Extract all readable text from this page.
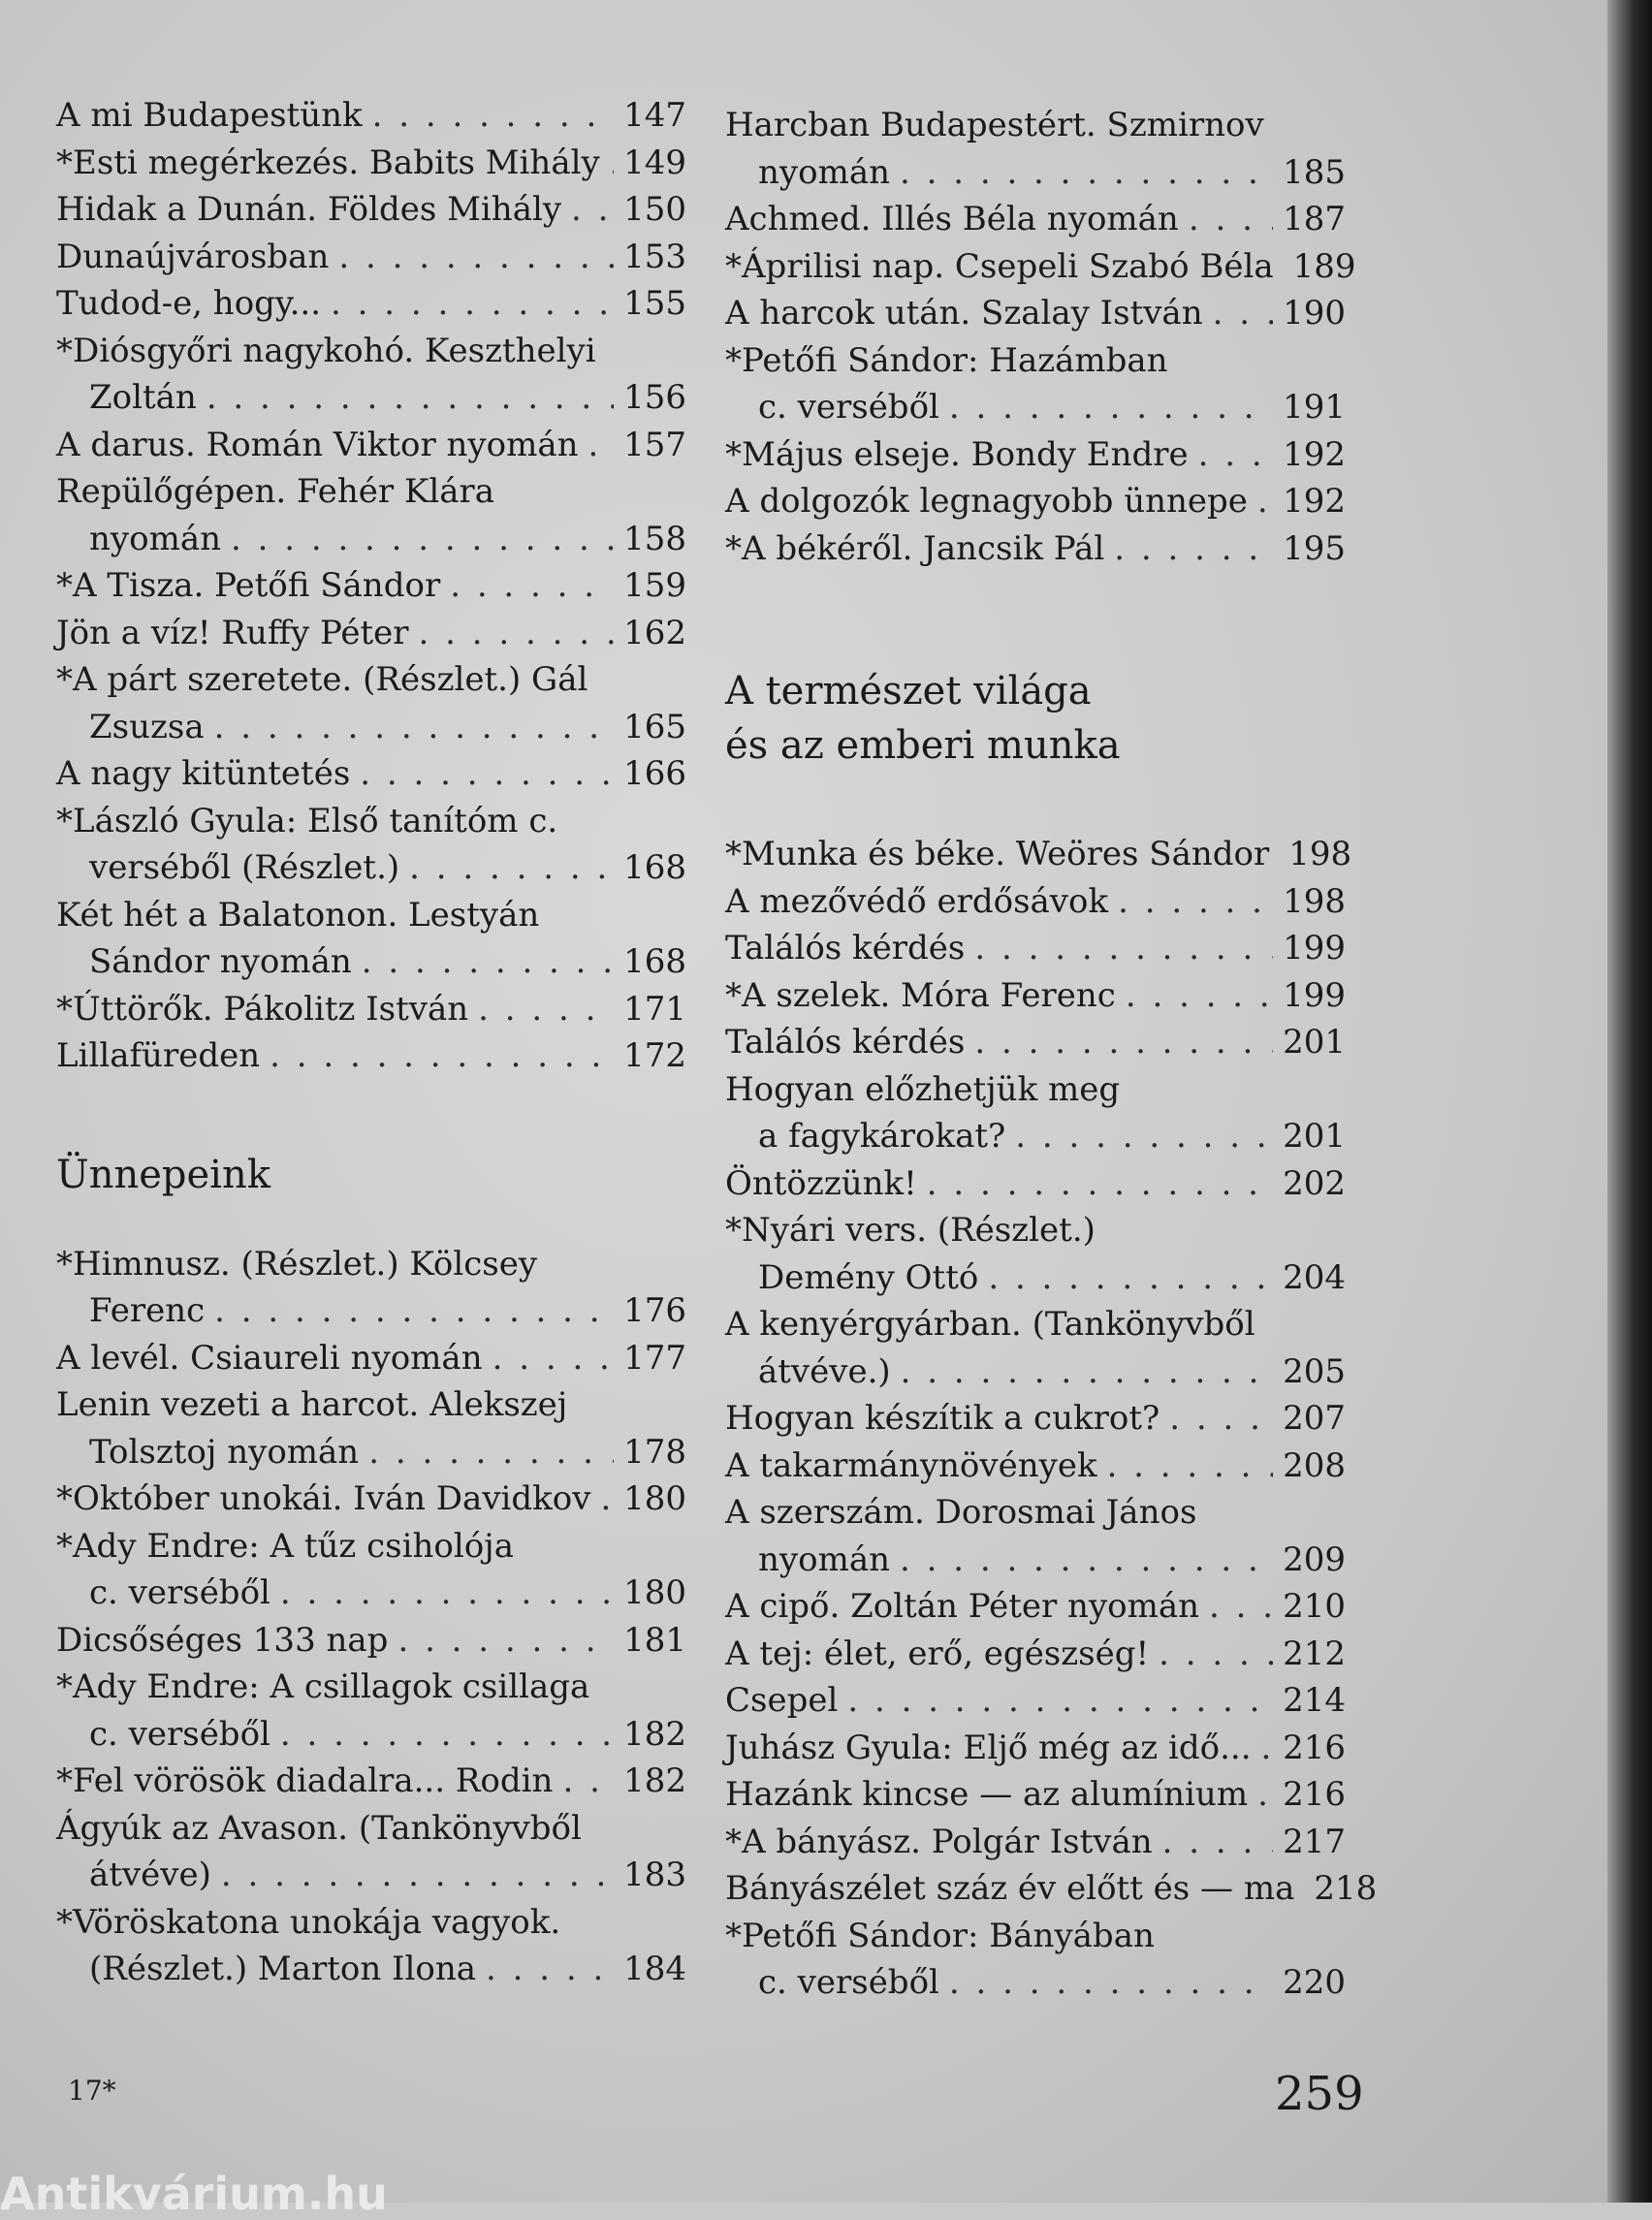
A mi Budapestünk . . .	147
*Esti megérkezés. Babits Mihály . . . 149
Hidak a Dunán. Földes Mihály . . . 150
Dunaújvárosban . . .	153
Tudod-e, hogy... . . .	155
*Diósgyőri nagykohó. Keszthelyi
Zoltán . . .	156
A darus. Román Viktor nyomán . . . 157
Repülőgépen. Fehér Klára
nyomán . . .	158
*A Tisza. Petőfi Sándor . . .	159
Jön a víz! Ruffy Péter . . .	162
*A párt szeretete. (Részlet.) Gál
Zsuzsa . . .	165
A nagy kitüntetés . . .	166
*László Gyula: Első tanítóm c.
verséből (Részlet.) . . .	168
Két hét a Balatonon. Lestyán
Sándor nyomán . . .	168
*Úttörők. Pákolitz István . . .	171
Lillafüreden . . .	172
Ünnepeink
*Himnusz. (Részlet.) Kölcsey
Ferenc . . .	176
A levél. Csiaureli nyomán . . .	177
Lenin vezeti a harcot. Alekszej
Tolsztoj nyomán . . .	178
*Október unokái. Iván Davidkov . . . 180
*Ady Endre: A tűz csiholója
c. verséből . . .	180
Dicsőséges 133 nap . . .	181
*Ady Endre: A csillagok csillaga
c. verséből . . .	182
*Fel vörösök diadalra... Rodin . . . 182
Ágyúk az Avason. (Tankönyvből
átvéve) . . .	183
*Vöröskatona unokája vagyok.
(Részlet.) Marton Ilona . . .	184
Harcban Budapestért. Szmirnov
nyomán . . .	185
Achmed. Illés Béla nyomán . . .	187
*Áprilisi nap. Csepeli Szabó Béla 189
A harcok után. Szalay István . . . 190
*Petőfi Sándor: Hazámban
c. verséből . . .	191
*Május elseje. Bondy Endre . . .	192
A dolgozók legnagyobb ünnepe . . . 192
*A békéről. Jancsik Pál . . .	195
A természet világa
és az emberi munka
*Munka és béke. Weöres Sándor 198
A mezővédő erdősávok . . .	198
Találós kérdés . . .	199
*A szelek. Móra Ferenc . . .	199
Találós kérdés . . .	201
Hogyan előzhetjük meg
a fagykárokat? . . .	201
Öntözzünk! . . .	202
*Nyári vers. (Részlet.)
Demény Ottó . . .	204
A kenyérgyárban. (Tankönyvből
átvéve.) . . .	205
Hogyan készítik a cukrot? . . .	207
A takarmánynövények . . .	208
A szerszám. Dorosmai János
nyomán . . .	209
A cipő. Zoltán Péter nyomán . . .	210
A tej: élet, erő, egészség! . . .	212
Csepel . . .	214
Juhász Gyula: Eljő még az idő... . . . 216
Hazánk kincse — az alumínium . . . 216
*A bányász. Polgár István . . .	217
Bányászélet száz év előtt és — ma 218
*Petőfi Sándor: Bányában
c. verséből . . .	220
17*	259
Antikvárium.hu
